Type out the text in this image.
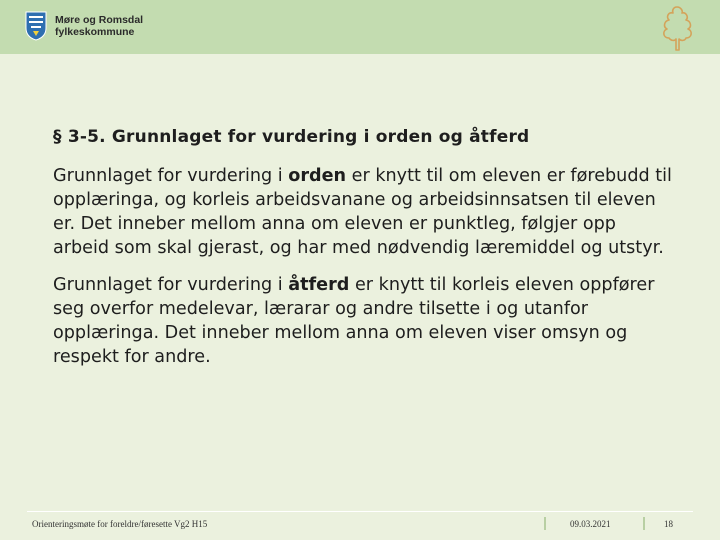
Møre og Romsdal
fylkeskommune
§ 3-5. Grunnlaget for vurdering i orden og åtferd

Grunnlaget for vurdering i orden er knytt til om eleven er førebudd til opplæringa, og korleis arbeidsvanane og arbeidsinnsatsen til eleven er. Det inneber mellom anna om eleven er punktleg, følgjer opp arbeid som skal gjerast, og har med nødvendig læremiddel og utstyr.

Grunnlaget for vurdering i åtferd er knytt til korleis eleven oppfører seg overfor medelevar, lærarar og andre tilsette i og utanfor opplæringa. Det inneber mellom anna om eleven viser omsyn og respekt for andre.

Orienteringsmøte for foreldre/føresette Vg2 H15	09.03.2021	18
